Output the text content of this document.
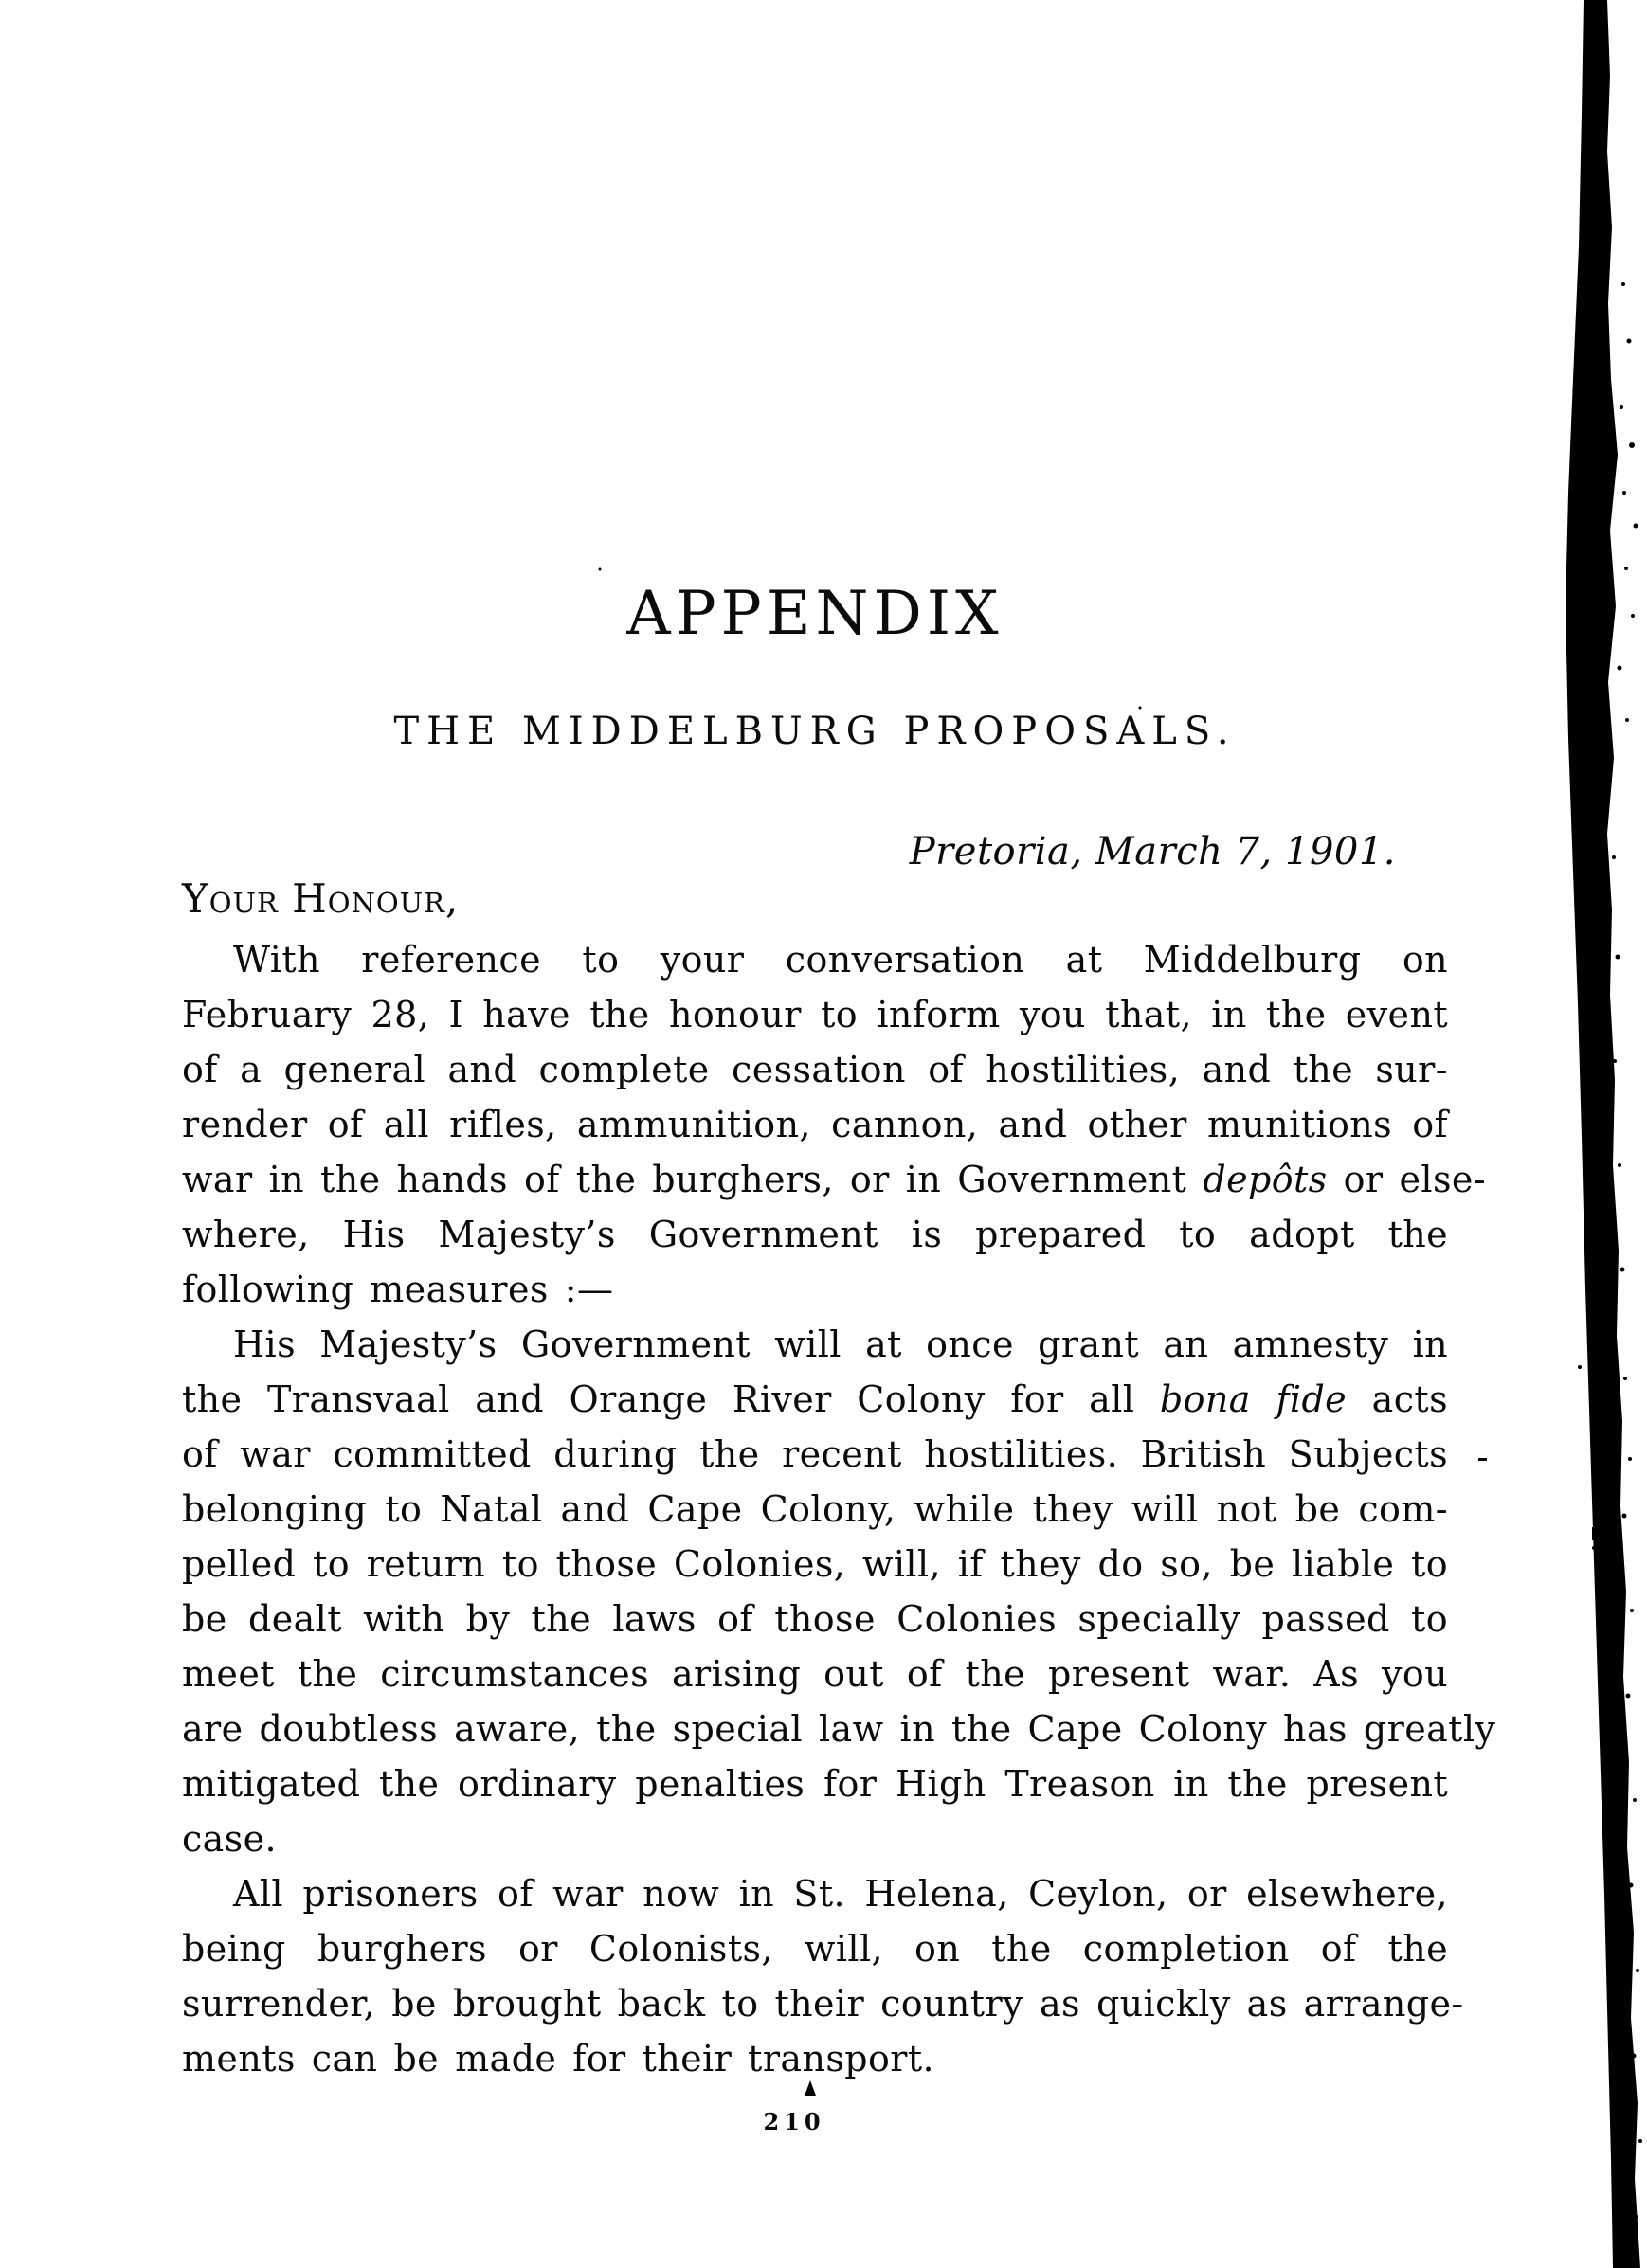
APPENDIX
THE MIDDELBURG PROPOSALS.
Pretoria, March 7, 1901.
Your Honour,
With reference to your conversation at Middelburg on
February 28, I have the honour to inform you that, in the event
of a general and complete cessation of hostilities, and the sur-
render of all rifles, ammunition, cannon, and other munitions of
war in the hands of the burghers, or in Government depôts or else-
where, His Majesty’s Government is prepared to adopt the
following measures :—
His Majesty’s Government will at once grant an amnesty in
the Transvaal and Orange River Colony for all bona fide acts
of war committed during the recent hostilities. British Subjects
belonging to Natal and Cape Colony, while they will not be com-
pelled to return to those Colonies, will, if they do so, be liable to
be dealt with by the laws of those Colonies specially passed to
meet the circumstances arising out of the present war. As you
are doubtless aware, the special law in the Cape Colony has greatly
mitigated the ordinary penalties for High Treason in the present
case.
All prisoners of war now in St. Helena, Ceylon, or elsewhere,
being burghers or Colonists, will, on the completion of the
surrender, be brought back to their country as quickly as arrange-
ments can be made for their transport.
210
